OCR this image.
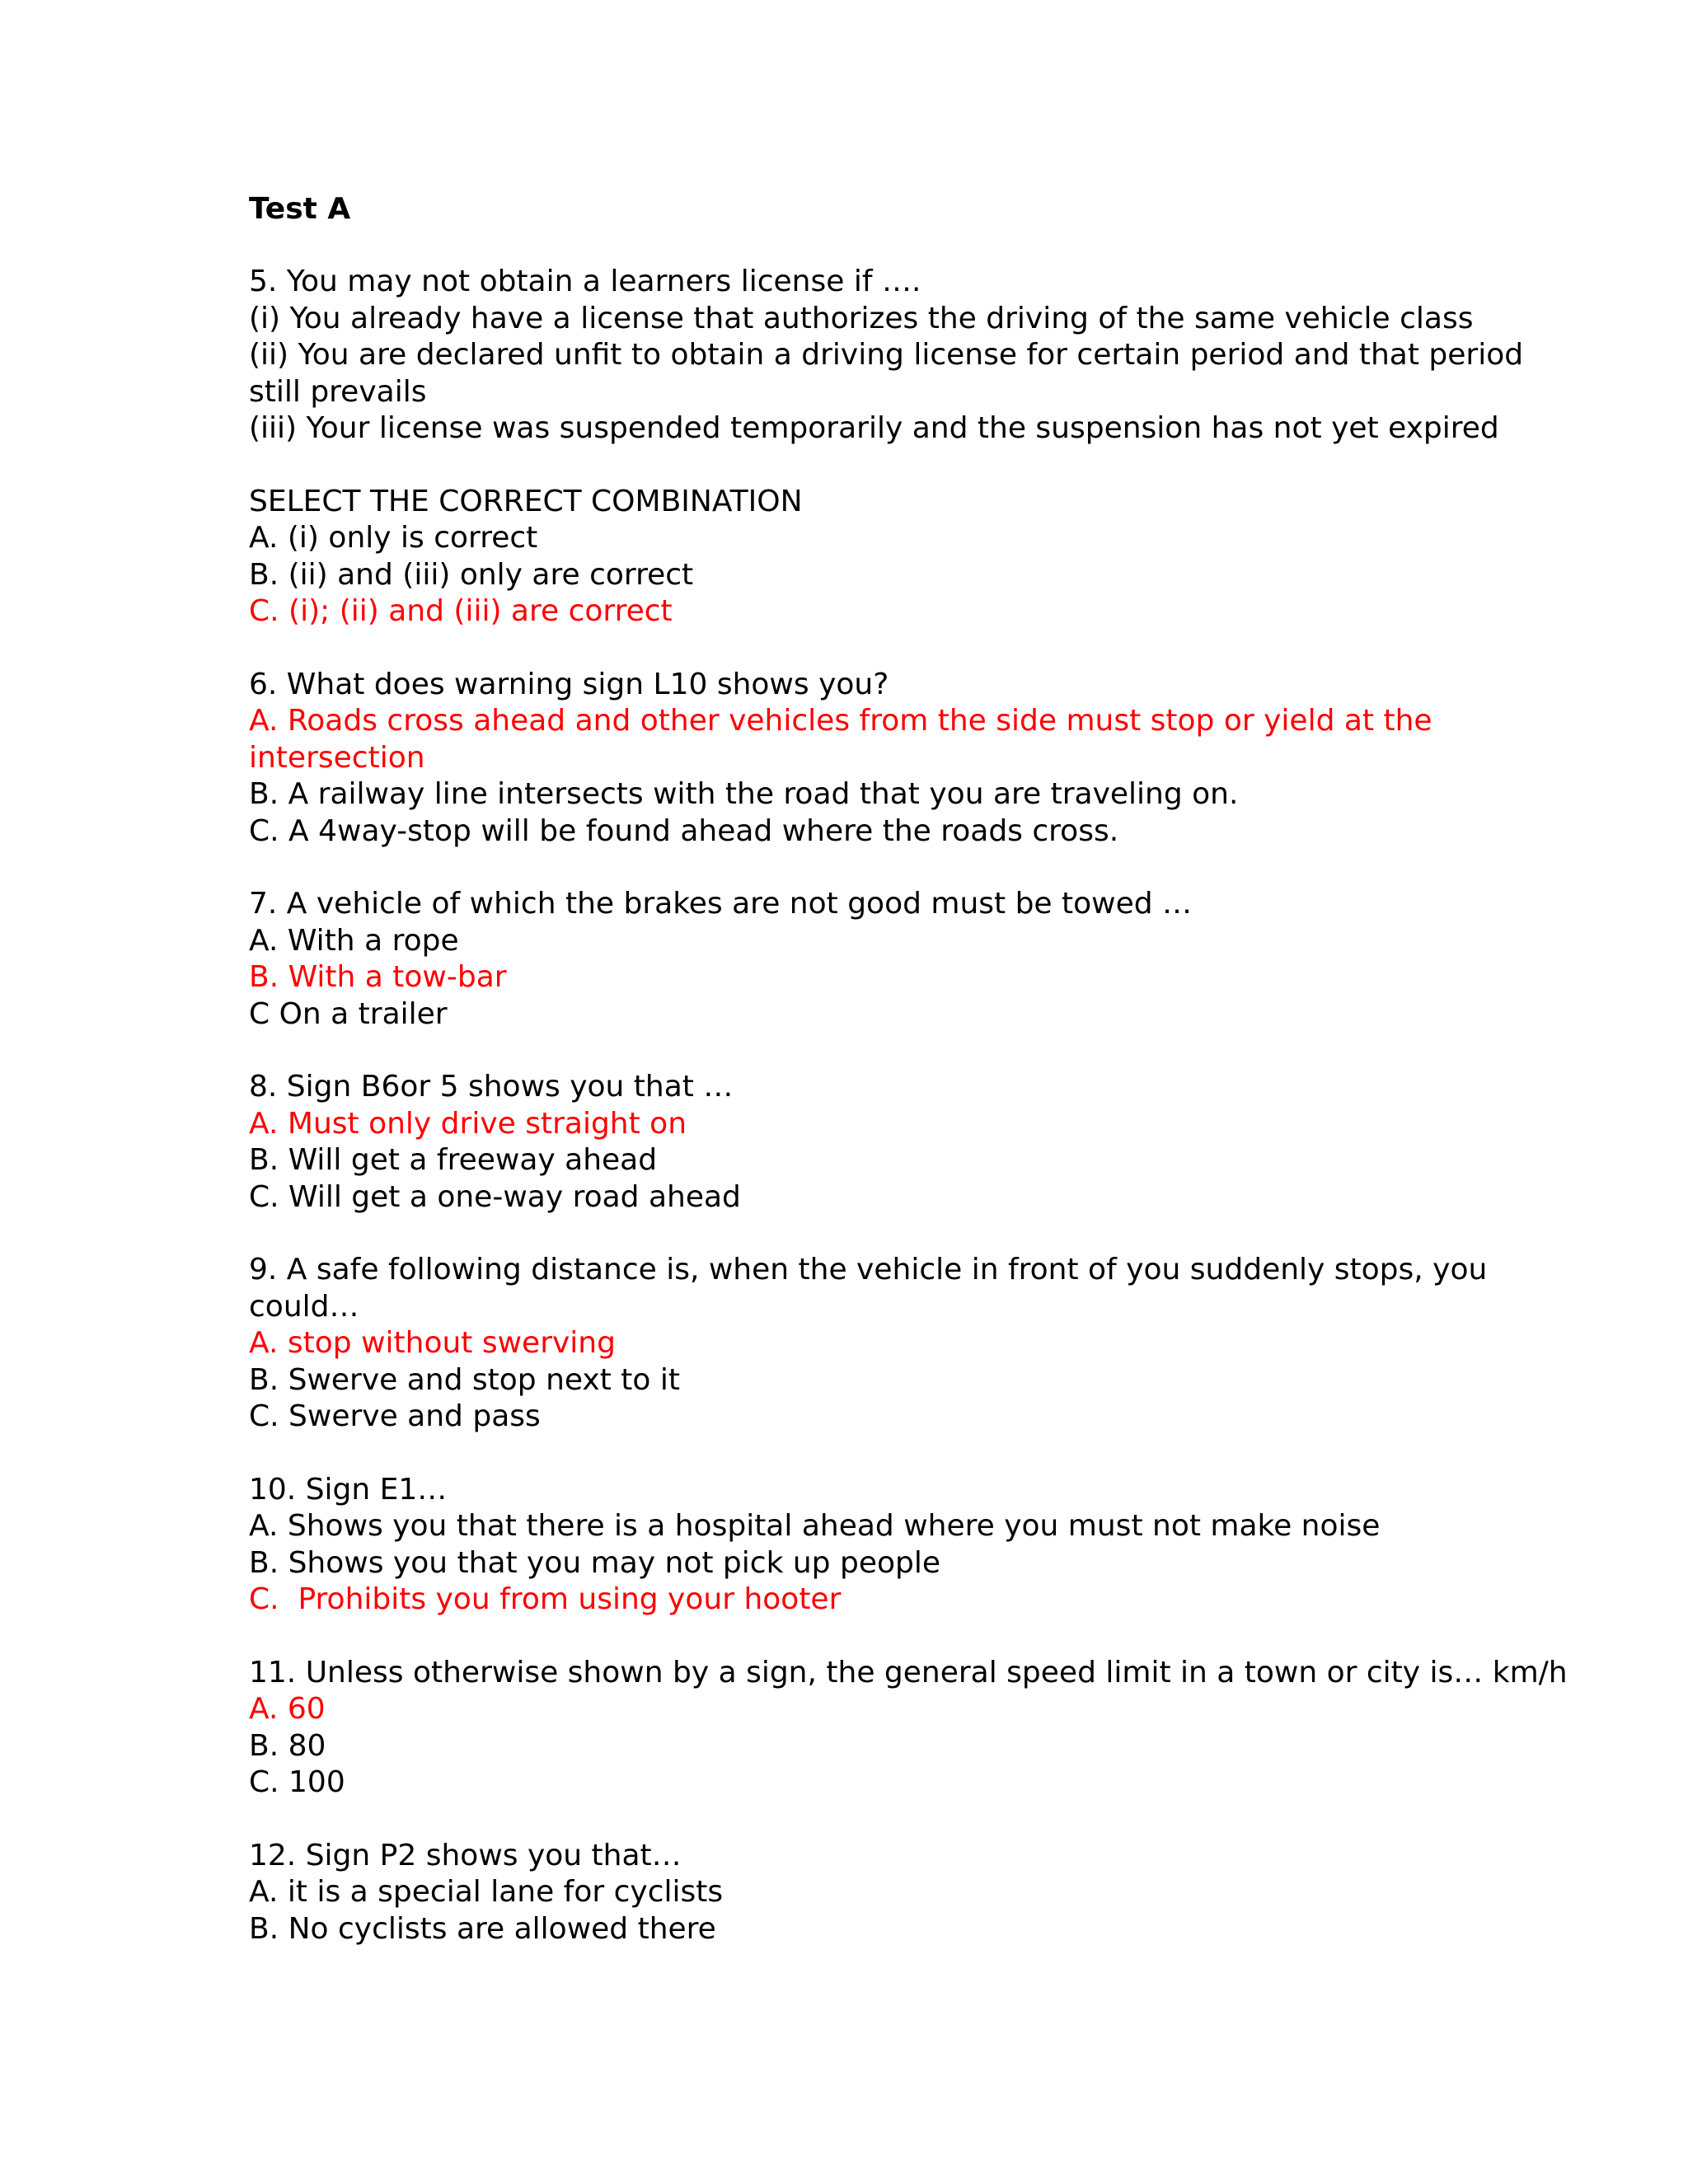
Test A
5. You may not obtain a learners license if ….
(i) You already have a license that authorizes the driving of the same vehicle class
(ii) You are declared unfit to obtain a driving license for certain period and that period
still prevails
(iii) Your license was suspended temporarily and the suspension has not yet expired
SELECT THE CORRECT COMBINATION
A. (i) only is correct
B. (ii) and (iii) only are correct
C. (i); (ii) and (iii) are correct
6. What does warning sign L10 shows you?
A. Roads cross ahead and other vehicles from the side must stop or yield at the
intersection
B. A railway line intersects with the road that you are traveling on.
C. A 4way-stop will be found ahead where the roads cross.
7. A vehicle of which the brakes are not good must be towed …
A. With a rope
B. With a tow-bar
C On a trailer
8. Sign B6or 5 shows you that …
A. Must only drive straight on
B. Will get a freeway ahead
C. Will get a one-way road ahead
9. A safe following distance is, when the vehicle in front of you suddenly stops, you
could…
A. stop without swerving
B. Swerve and stop next to it
C. Swerve and pass
10. Sign E1…
A. Shows you that there is a hospital ahead where you must not make noise
B. Shows you that you may not pick up people
C.  Prohibits you from using your hooter
11. Unless otherwise shown by a sign, the general speed limit in a town or city is… km/h
A. 60
B. 80
C. 100
12. Sign P2 shows you that…
A. it is a special lane for cyclists
B. No cyclists are allowed there
